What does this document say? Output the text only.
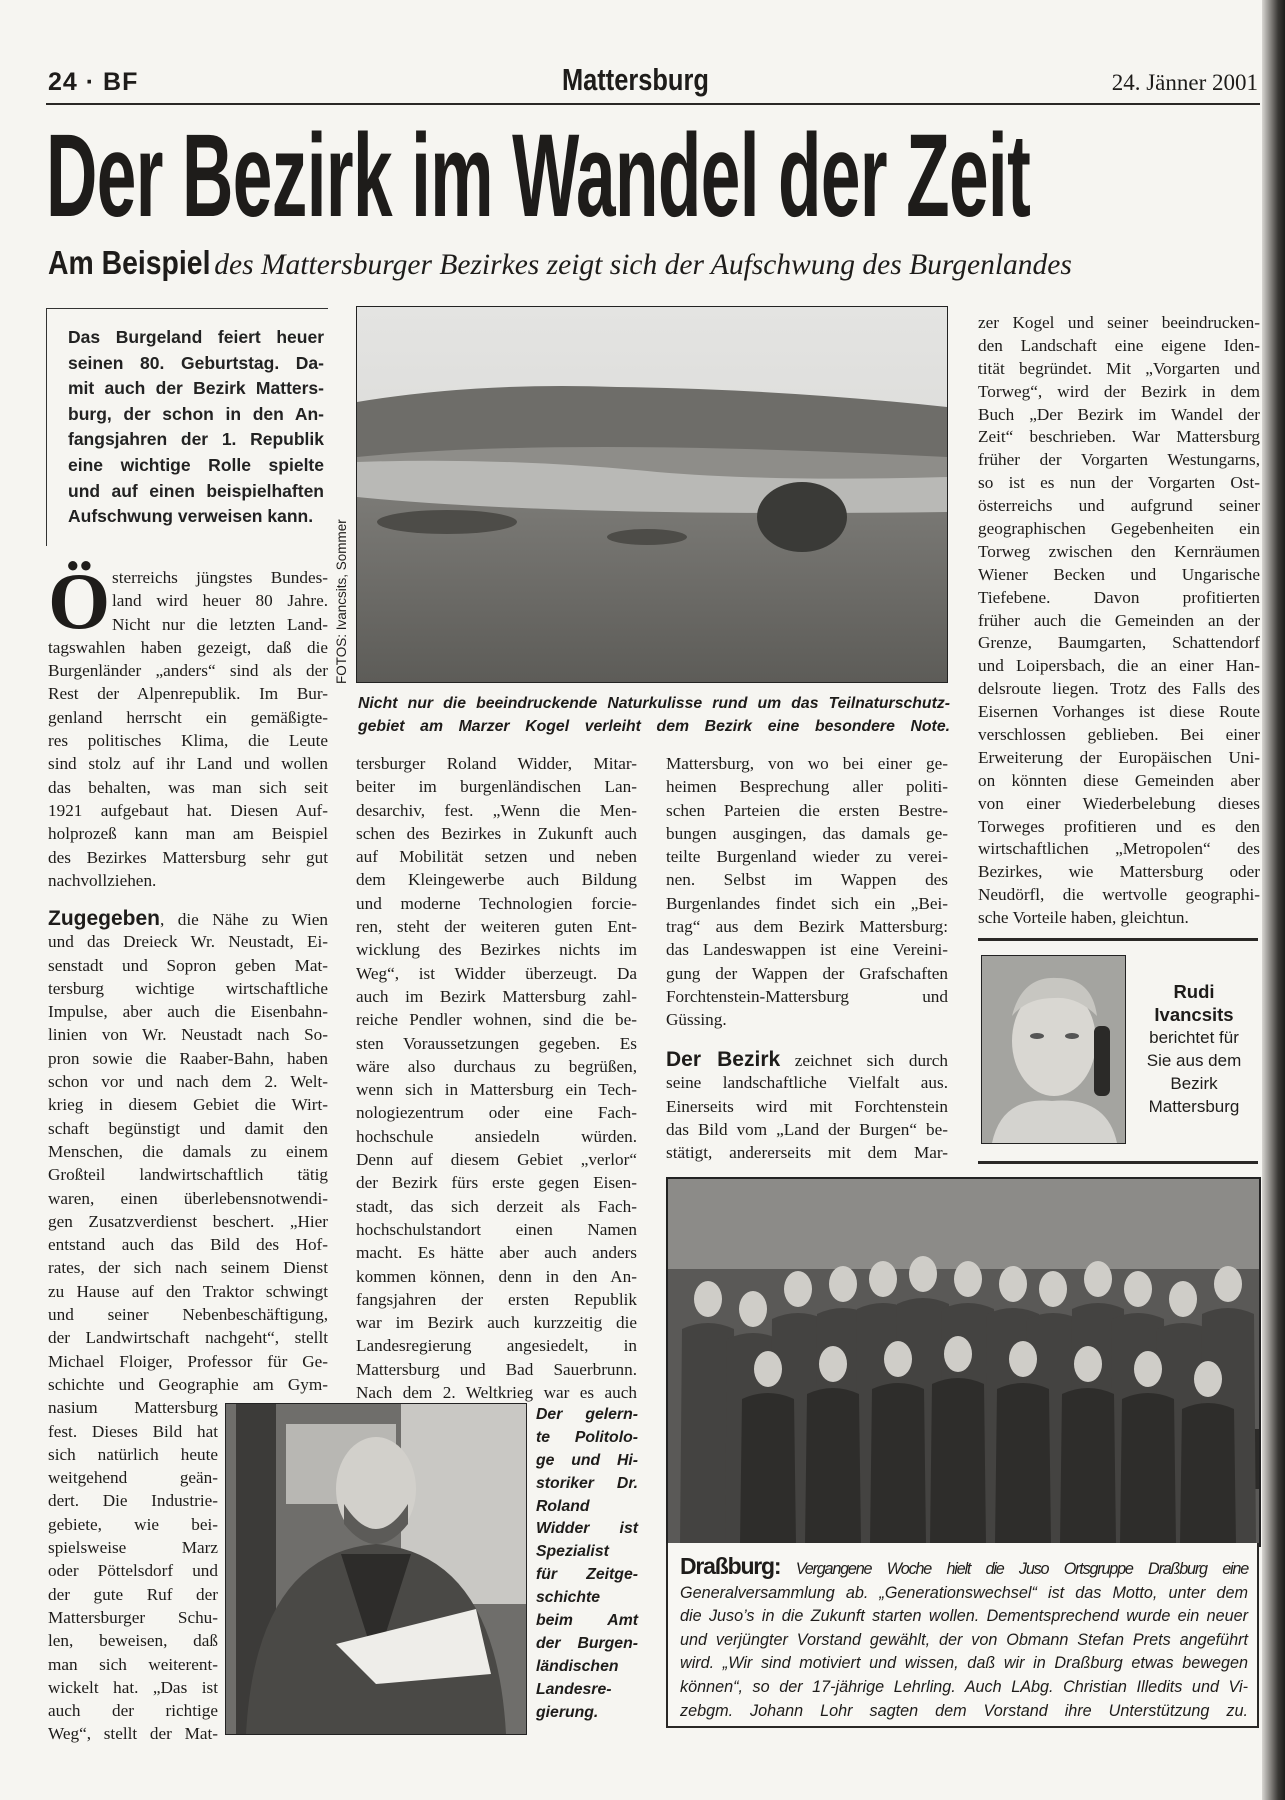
24 · BF	Mattersburg	24. Jänner 2001
Der Bezirk im Wandel der Zeit
Am Beispiel des Mattersburger Bezirkes zeigt sich der Aufschwung des Burgenlandes
Das Burgeland feiert heuer
seinen 80. Geburtstag. Da-
mit auch der Bezirk Matters-
burg, der schon in den An-
fangsjahren der 1. Republik
eine wichtige Rolle spielte
und auf einen beispielhaften
Aufschwung verweisen kann.
Ö sterreichs jüngstes Bundes-
land wird heuer 80 Jahre.
Nicht nur die letzten Land-
tagswahlen haben gezeigt, daß die
Burgenländer „anders“ sind als der
Rest der Alpenrepublik. Im Bur-
genland herrscht ein gemäßigte-
res politisches Klima, die Leute
sind stolz auf ihr Land und wollen
das behalten, was man sich seit
1921 aufgebaut hat. Diesen Auf-
holprozeß kann man am Beispiel
des Bezirkes Mattersburg sehr gut
nachvollziehen.
Zugegeben, die Nähe zu Wien
und das Dreieck Wr. Neustadt, Ei-
senstadt und Sopron geben Mat-
tersburg wichtige wirtschaftliche
Impulse, aber auch die Eisenbahn-
linien von Wr. Neustadt nach So-
pron sowie die Raaber-Bahn, haben
schon vor und nach dem 2. Welt-
krieg in diesem Gebiet die Wirt-
schaft begünstigt und damit den
Menschen, die damals zu einem
Großteil landwirtschaftlich tätig
waren, einen überlebensnotwendi-
gen Zusatzverdienst beschert. „Hier
entstand auch das Bild des Hof-
rates, der sich nach seinem Dienst
zu Hause auf den Traktor schwingt
und seiner Nebenbeschäftigung,
der Landwirtschaft nachgeht“, stellt
Michael Floiger, Professor für Ge-
schichte und Geographie am Gym-
nasium Mattersburg
fest. Dieses Bild hat
sich natürlich heute
weitgehend geän-
dert. Die Industrie-
gebiete, wie bei-
spielsweise Marz
oder Pöttelsdorf und
der gute Ruf der
Mattersburger Schu-
len, beweisen, daß
man sich weiterent-
wickelt hat. „Das ist
auch der richtige
Weg“, stellt der Mat-
FOTOS: Ivancsits, Sommer
Nicht nur die beeindruckende Naturkulisse rund um das Teilnaturschutz-
gebiet am Marzer Kogel verleiht dem Bezirk eine besondere Note.
tersburger Roland Widder, Mitar-
beiter im burgenländischen Lan-
desarchiv, fest. „Wenn die Men-
schen des Bezirkes in Zukunft auch
auf Mobilität setzen und neben
dem Kleingewerbe auch Bildung
und moderne Technologien forcie-
ren, steht der weiteren guten Ent-
wicklung des Bezirkes nichts im
Weg“, ist Widder überzeugt. Da
auch im Bezirk Mattersburg zahl-
reiche Pendler wohnen, sind die be-
sten Voraussetzungen gegeben. Es
wäre also durchaus zu begrüßen,
wenn sich in Mattersburg ein Tech-
nologiezentrum oder eine Fach-
hochschule ansiedeln würden.
Denn auf diesem Gebiet „verlor“
der Bezirk fürs erste gegen Eisen-
stadt, das sich derzeit als Fach-
hochschulstandort einen Namen
macht. Es hätte aber auch anders
kommen können, denn in den An-
fangsjahren der ersten Republik
war im Bezirk auch kurzzeitig die
Landesregierung angesiedelt, in
Mattersburg und Bad Sauerbrunn.
Nach dem 2. Weltkrieg war es auch
Mattersburg, von wo bei einer ge-
heimen Besprechung aller politi-
schen Parteien die ersten Bestre-
bungen ausgingen, das damals ge-
teilte Burgenland wieder zu verei-
nen. Selbst im Wappen des
Burgenlandes findet sich ein „Bei-
trag“ aus dem Bezirk Mattersburg:
das Landeswappen ist eine Vereini-
gung der Wappen der Grafschaften
Forchtenstein-Mattersburg und
Güssing.
Der Bezirk zeichnet sich durch
seine landschaftliche Vielfalt aus.
Einerseits wird mit Forchtenstein
das Bild vom „Land der Burgen“ be-
stätigt, andererseits mit dem Mar-
zer Kogel und seiner beeindrucken-
den Landschaft eine eigene Iden-
tität begründet. Mit „Vorgarten und
Torweg“, wird der Bezirk in dem
Buch „Der Bezirk im Wandel der
Zeit“ beschrieben. War Mattersburg
früher der Vorgarten Westungarns,
so ist es nun der Vorgarten Ost-
österreichs und aufgrund seiner
geographischen Gegebenheiten ein
Torweg zwischen den Kernräumen
Wiener Becken und Ungarische
Tiefebene. Davon profitierten
früher auch die Gemeinden an der
Grenze, Baumgarten, Schattendorf
und Loipersbach, die an einer Han-
delsroute liegen. Trotz des Falls des
Eisernen Vorhanges ist diese Route
verschlossen geblieben. Bei einer
Erweiterung der Europäischen Uni-
on könnten diese Gemeinden aber
von einer Wiederbelebung dieses
Torweges profitieren und es den
wirtschaftlichen „Metropolen“ des
Bezirkes, wie Mattersburg oder
Neudörfl, die wertvolle geographi-
sche Vorteile haben, gleichtun.
Rudi
Ivancsits
berichtet für
Sie aus dem
Bezirk
Mattersburg
Draßburg: Vergangene Woche hielt die Juso Ortsgruppe Draßburg eine
Generalversammlung ab. „Generationswechsel“ ist das Motto, unter dem
die Juso’s in die Zukunft starten wollen. Dementsprechend wurde ein neuer
und verjüngter Vorstand gewählt, der von Obmann Stefan Prets angeführt
wird. „Wir sind motiviert und wissen, daß wir in Draßburg etwas bewegen
können“, so der 17-jährige Lehrling. Auch LAbg. Christian Illedits und Vi-
zebgm. Johann Lohr sagten dem Vorstand ihre Unterstützung zu.
Der gelern-
te Politolo-
ge und Hi-
storiker Dr.
Roland
Widder ist
Spezialist
für Zeitge-
schichte
beim Amt
der Burgen-
ländischen
Landesre-
gierung.
